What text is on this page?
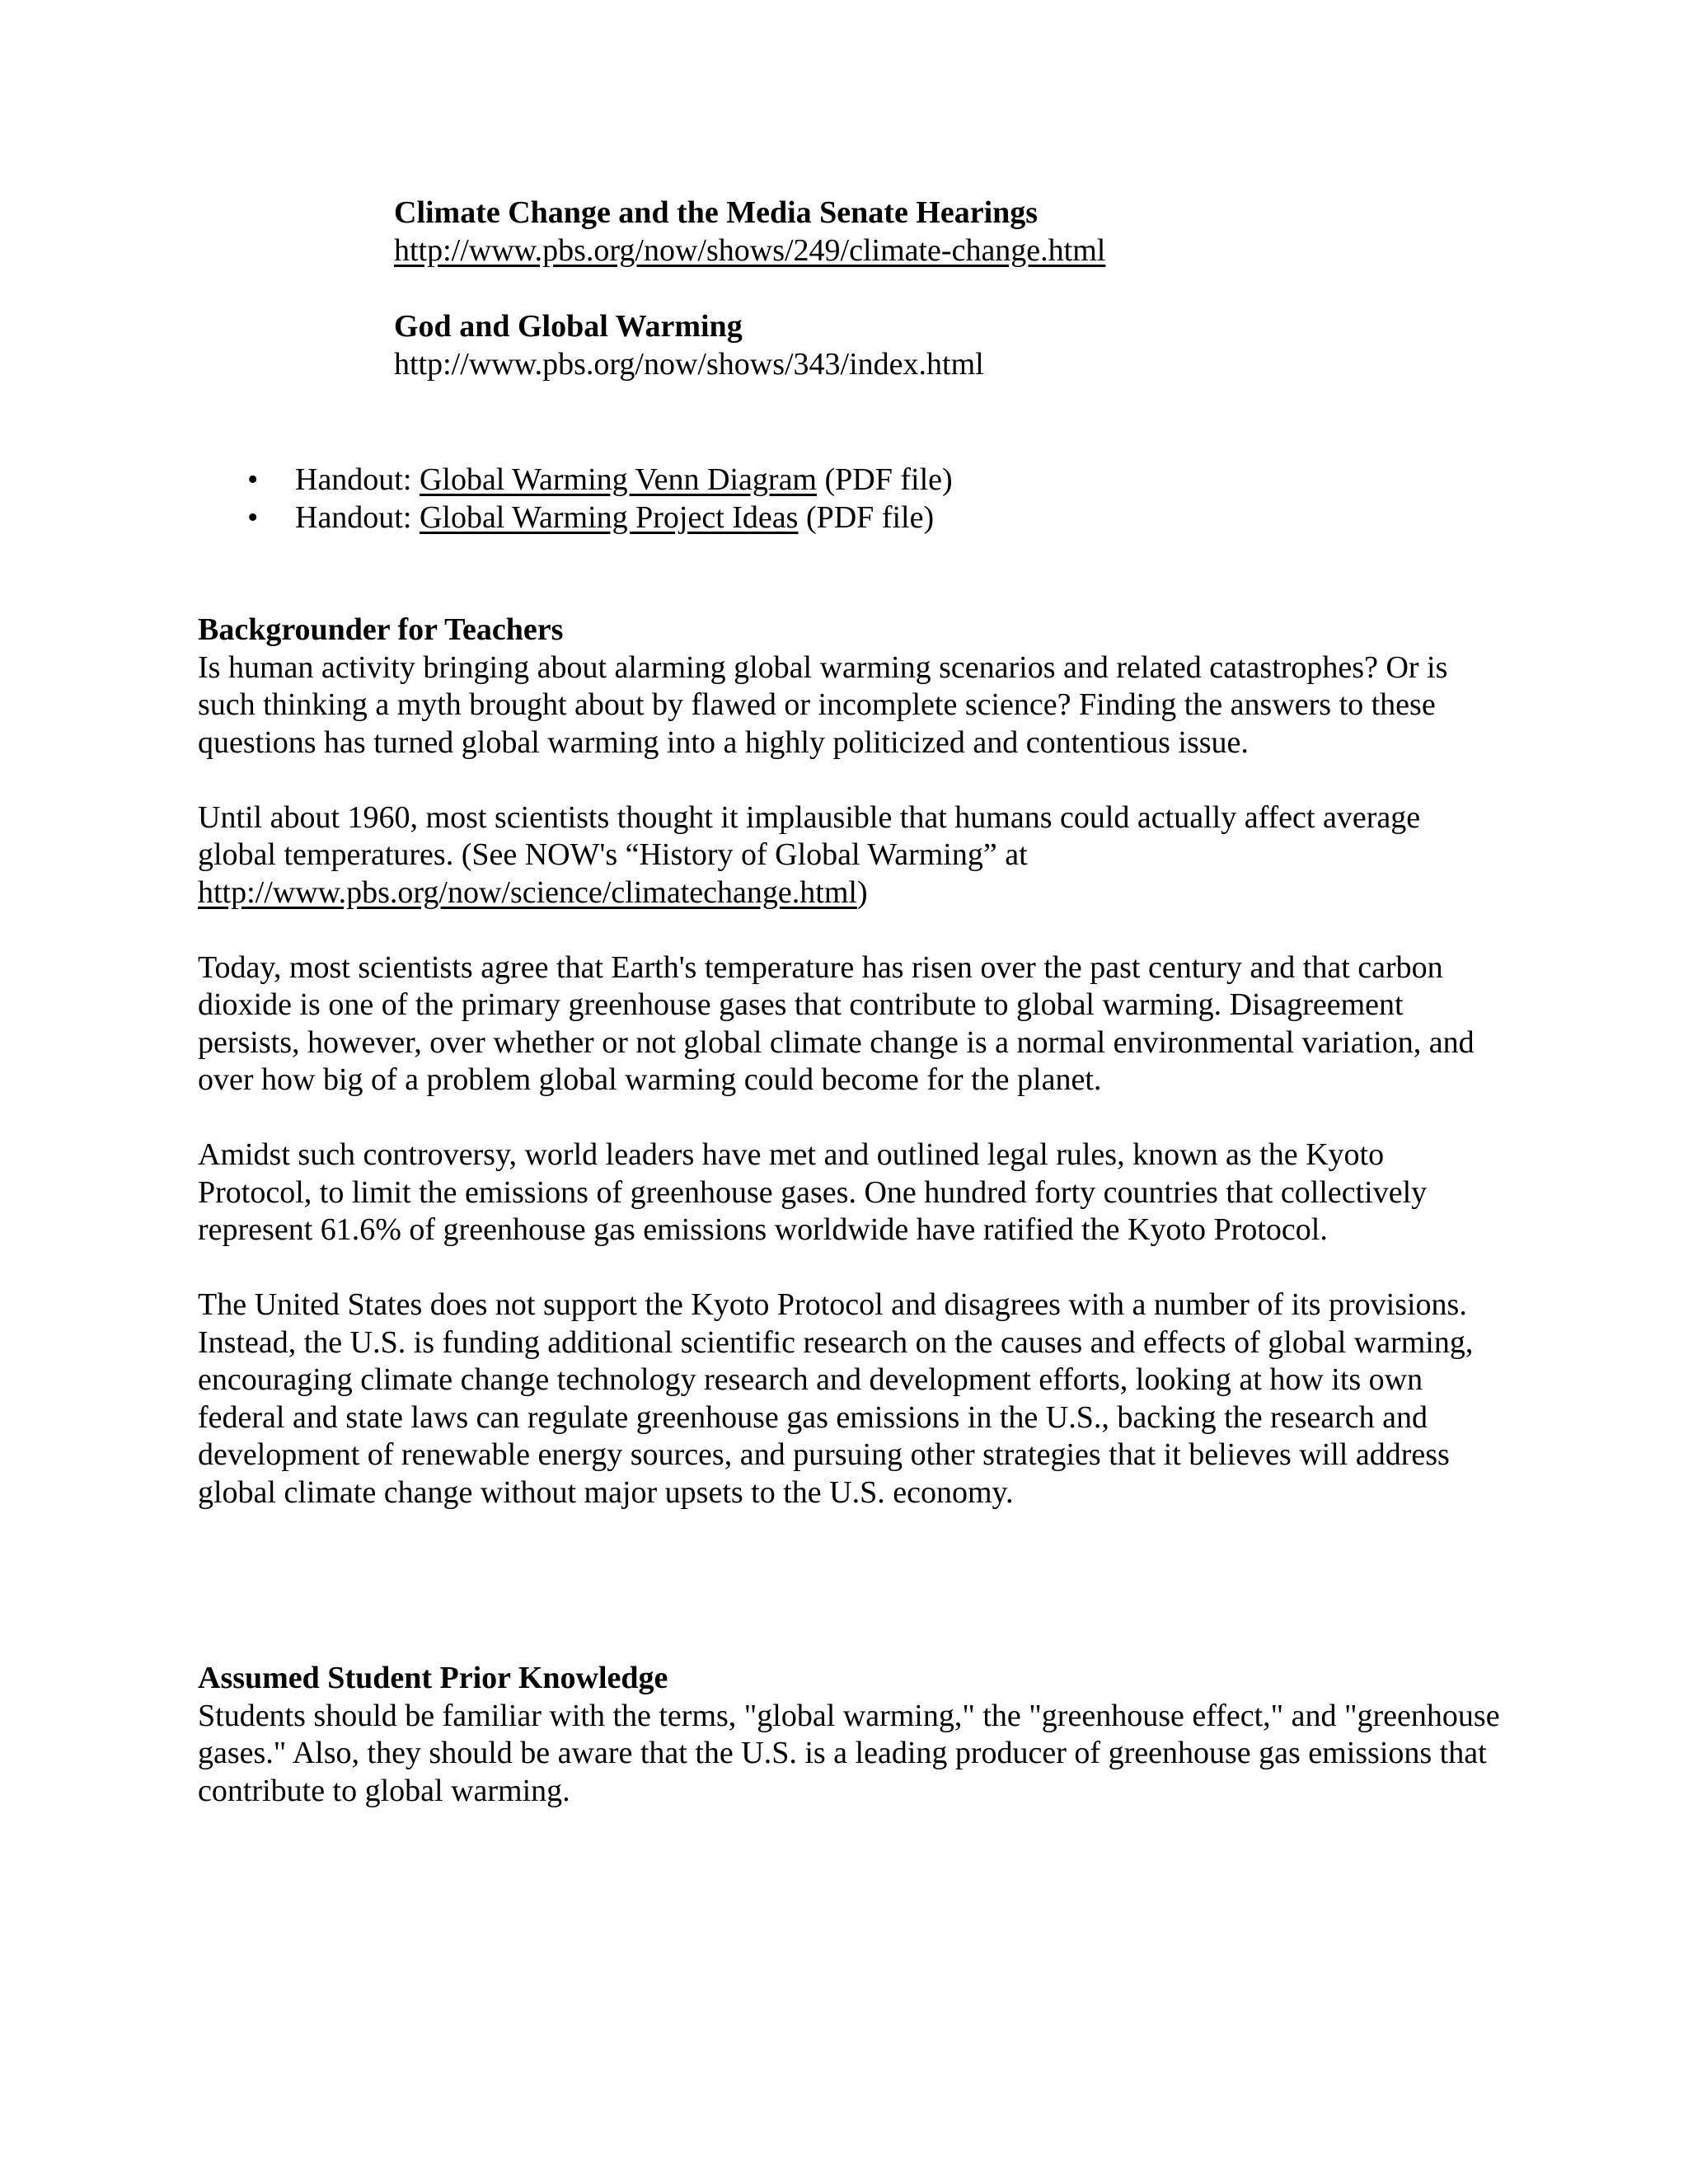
Climate Change and the Media Senate Hearings

http://www.pbs.org/now/shows/249/climate-change.html

God and Global Warming

http://www.pbs.org/now/shows/343/index.html

• Handout: Global Warming Venn Diagram (PDF file)
• Handout: Global Warming Project Ideas (PDF file)

Backgrounder for Teachers

Is human activity bringing about alarming global warming scenarios and related catastrophes? Or is such thinking a myth brought about by flawed or incomplete science? Finding the answers to these questions has turned global warming into a highly politicized and contentious issue.

Until about 1960, most scientists thought it implausible that humans could actually affect average global temperatures. (See NOW's “History of Global Warming” at http://www.pbs.org/now/science/climatechange.html)

Today, most scientists agree that Earth's temperature has risen over the past century and that carbon dioxide is one of the primary greenhouse gases that contribute to global warming. Disagreement persists, however, over whether or not global climate change is a normal environmental variation, and over how big of a problem global warming could become for the planet.

Amidst such controversy, world leaders have met and outlined legal rules, known as the Kyoto Protocol, to limit the emissions of greenhouse gases. One hundred forty countries that collectively represent 61.6% of greenhouse gas emissions worldwide have ratified the Kyoto Protocol.

The United States does not support the Kyoto Protocol and disagrees with a number of its provisions. Instead, the U.S. is funding additional scientific research on the causes and effects of global warming, encouraging climate change technology research and development efforts, looking at how its own federal and state laws can regulate greenhouse gas emissions in the U.S., backing the research and development of renewable energy sources, and pursuing other strategies that it believes will address global climate change without major upsets to the U.S. economy.

Assumed Student Prior Knowledge

Students should be familiar with the terms, "global warming," the "greenhouse effect," and "greenhouse gases." Also, they should be aware that the U.S. is a leading producer of greenhouse gas emissions that contribute to global warming.
